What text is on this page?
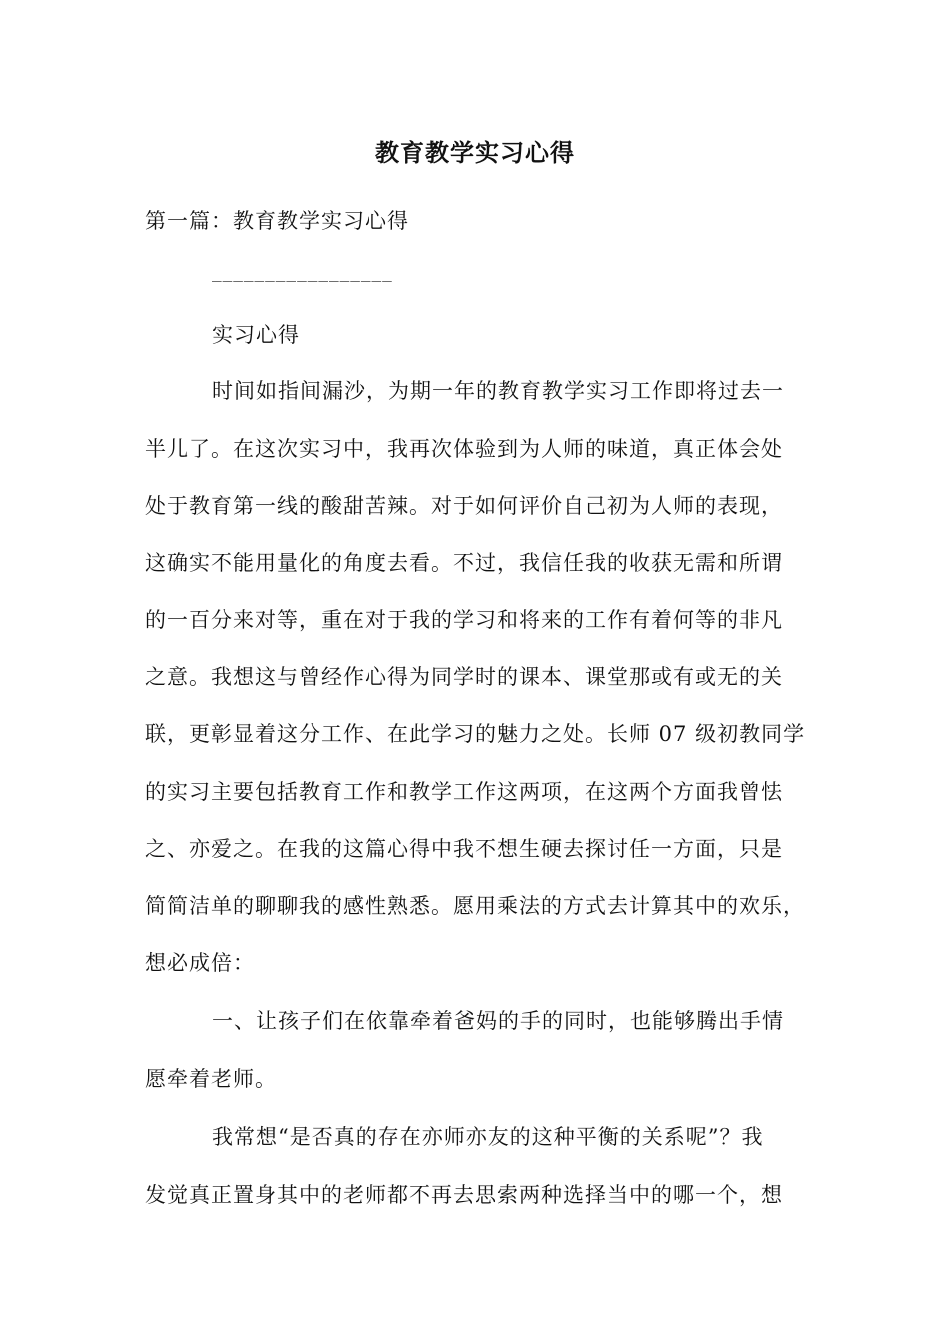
教育教学实习心得
第一篇：教育教学实习心得
_________________
实习心得
时间如指间漏沙，为期一年的教育教学实习工作即将过去一
半儿了。在这次实习中，我再次体验到为人师的味道，真正体会处
处于教育第一线的酸甜苦辣。对于如何评价自己初为人师的表现，
这确实不能用量化的角度去看。不过，我信任我的收获无需和所谓
的一百分来对等，重在对于我的学习和将来的工作有着何等的非凡
之意。我想这与曾经作心得为同学时的课本、课堂那或有或无的关
联，更彰显着这分工作、在此学习的魅力之处。长师 07 级初教同学
的实习主要包括教育工作和教学工作这两项，在这两个方面我曾怯
之、亦爱之。在我的这篇心得中我不想生硬去探讨任一方面，只是
简简洁单的聊聊我的感性熟悉。愿用乘法的方式去计算其中的欢乐，
想必成倍：
一、让孩子们在依靠牵着爸妈的手的同时，也能够腾出手情
愿牵着老师。
我常想“是否真的存在亦师亦友的这种平衡的关系呢”？我
发觉真正置身其中的老师都不再去思索两种选择当中的哪一个，想
